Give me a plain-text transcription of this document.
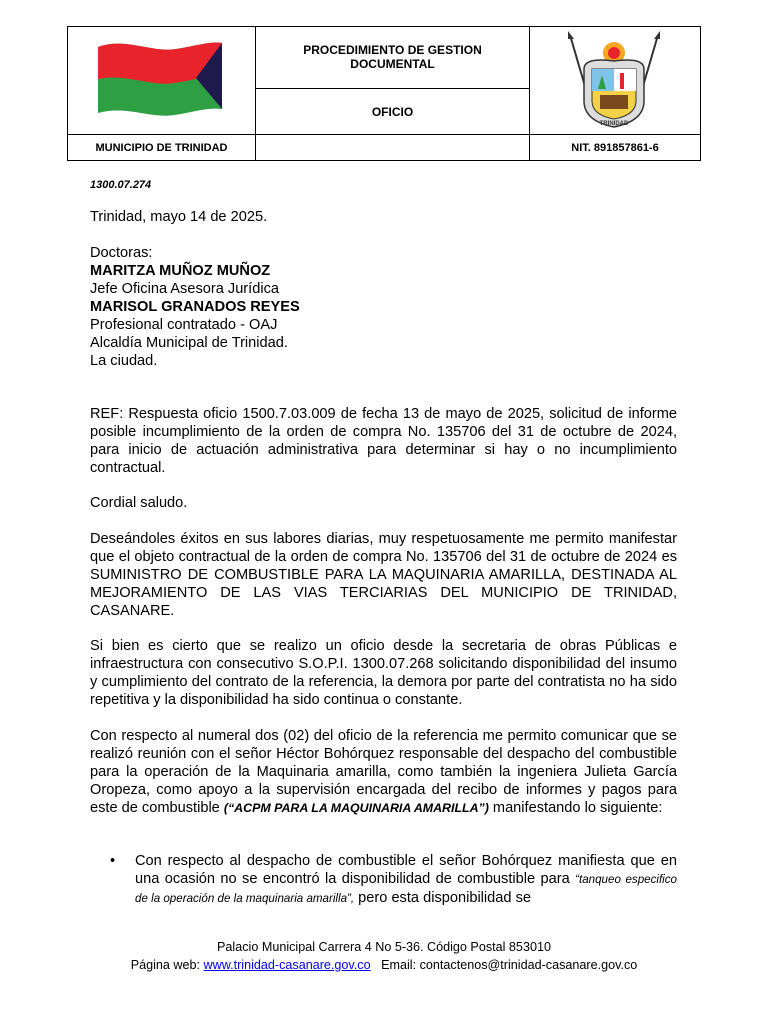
PROCEDIMIENTO DE GESTION
DOCUMENTAL
OFICIO
TRINIDAD
MUNICIPIO DE TRINIDAD	NIT. 891857861-6
1300.07.274
Trinidad, mayo 14 de 2025.
Doctoras:
MARITZA MUÑOZ MUÑOZ
Jefe Oficina Asesora Jurídica
MARISOL GRANADOS REYES
Profesional contratado - OAJ
Alcaldía Municipal de Trinidad.
La ciudad.
REF: Respuesta oficio 1500.7.03.009 de fecha 13 de mayo de 2025, solicitud de informe posible incumplimiento de la orden de compra No. 135706 del 31 de octubre de 2024, para inicio de actuación administrativa para determinar si hay o no incumplimiento contractual.
Cordial saludo.
Deseándoles éxitos en sus labores diarias, muy respetuosamente me permito manifestar que el objeto contractual de la orden de compra No. 135706 del 31 de octubre de 2024 es SUMINISTRO DE COMBUSTIBLE PARA LA MAQUINARIA AMARILLA, DESTINADA AL MEJORAMIENTO DE LAS VIAS TERCIARIAS DEL MUNICIPIO DE TRINIDAD, CASANARE.
Si bien es cierto que se realizo un oficio desde la secretaria de obras Públicas e infraestructura con consecutivo S.O.P.I. 1300.07.268 solicitando disponibilidad del insumo y cumplimiento del contrato de la referencia, la demora por parte del contratista no ha sido repetitiva y la disponibilidad ha sido continua o constante.
Con respecto al numeral dos (02) del oficio de la referencia me permito comunicar que se realizó reunión con el señor Héctor Bohórquez responsable del despacho del combustible para la operación de la Maquinaria amarilla, como también la ingeniera Julieta García Oropeza, como apoyo a la supervisión encargada del recibo de informes y pagos para este de combustible (“ACPM PARA LA MAQUINARIA AMARILLA”) manifestando lo siguiente:
•	Con respecto al despacho de combustible el señor Bohórquez manifiesta que en una ocasión no se encontró la disponibilidad de combustible para “tanqueo especifico de la operación de la maquinaria amarilla”, pero esta disponibilidad se
Palacio Municipal Carrera 4 No 5-36. Código Postal 853010
Página web: www.trinidad-casanare.gov.co Email: contactenos@trinidad-casanare.gov.co
